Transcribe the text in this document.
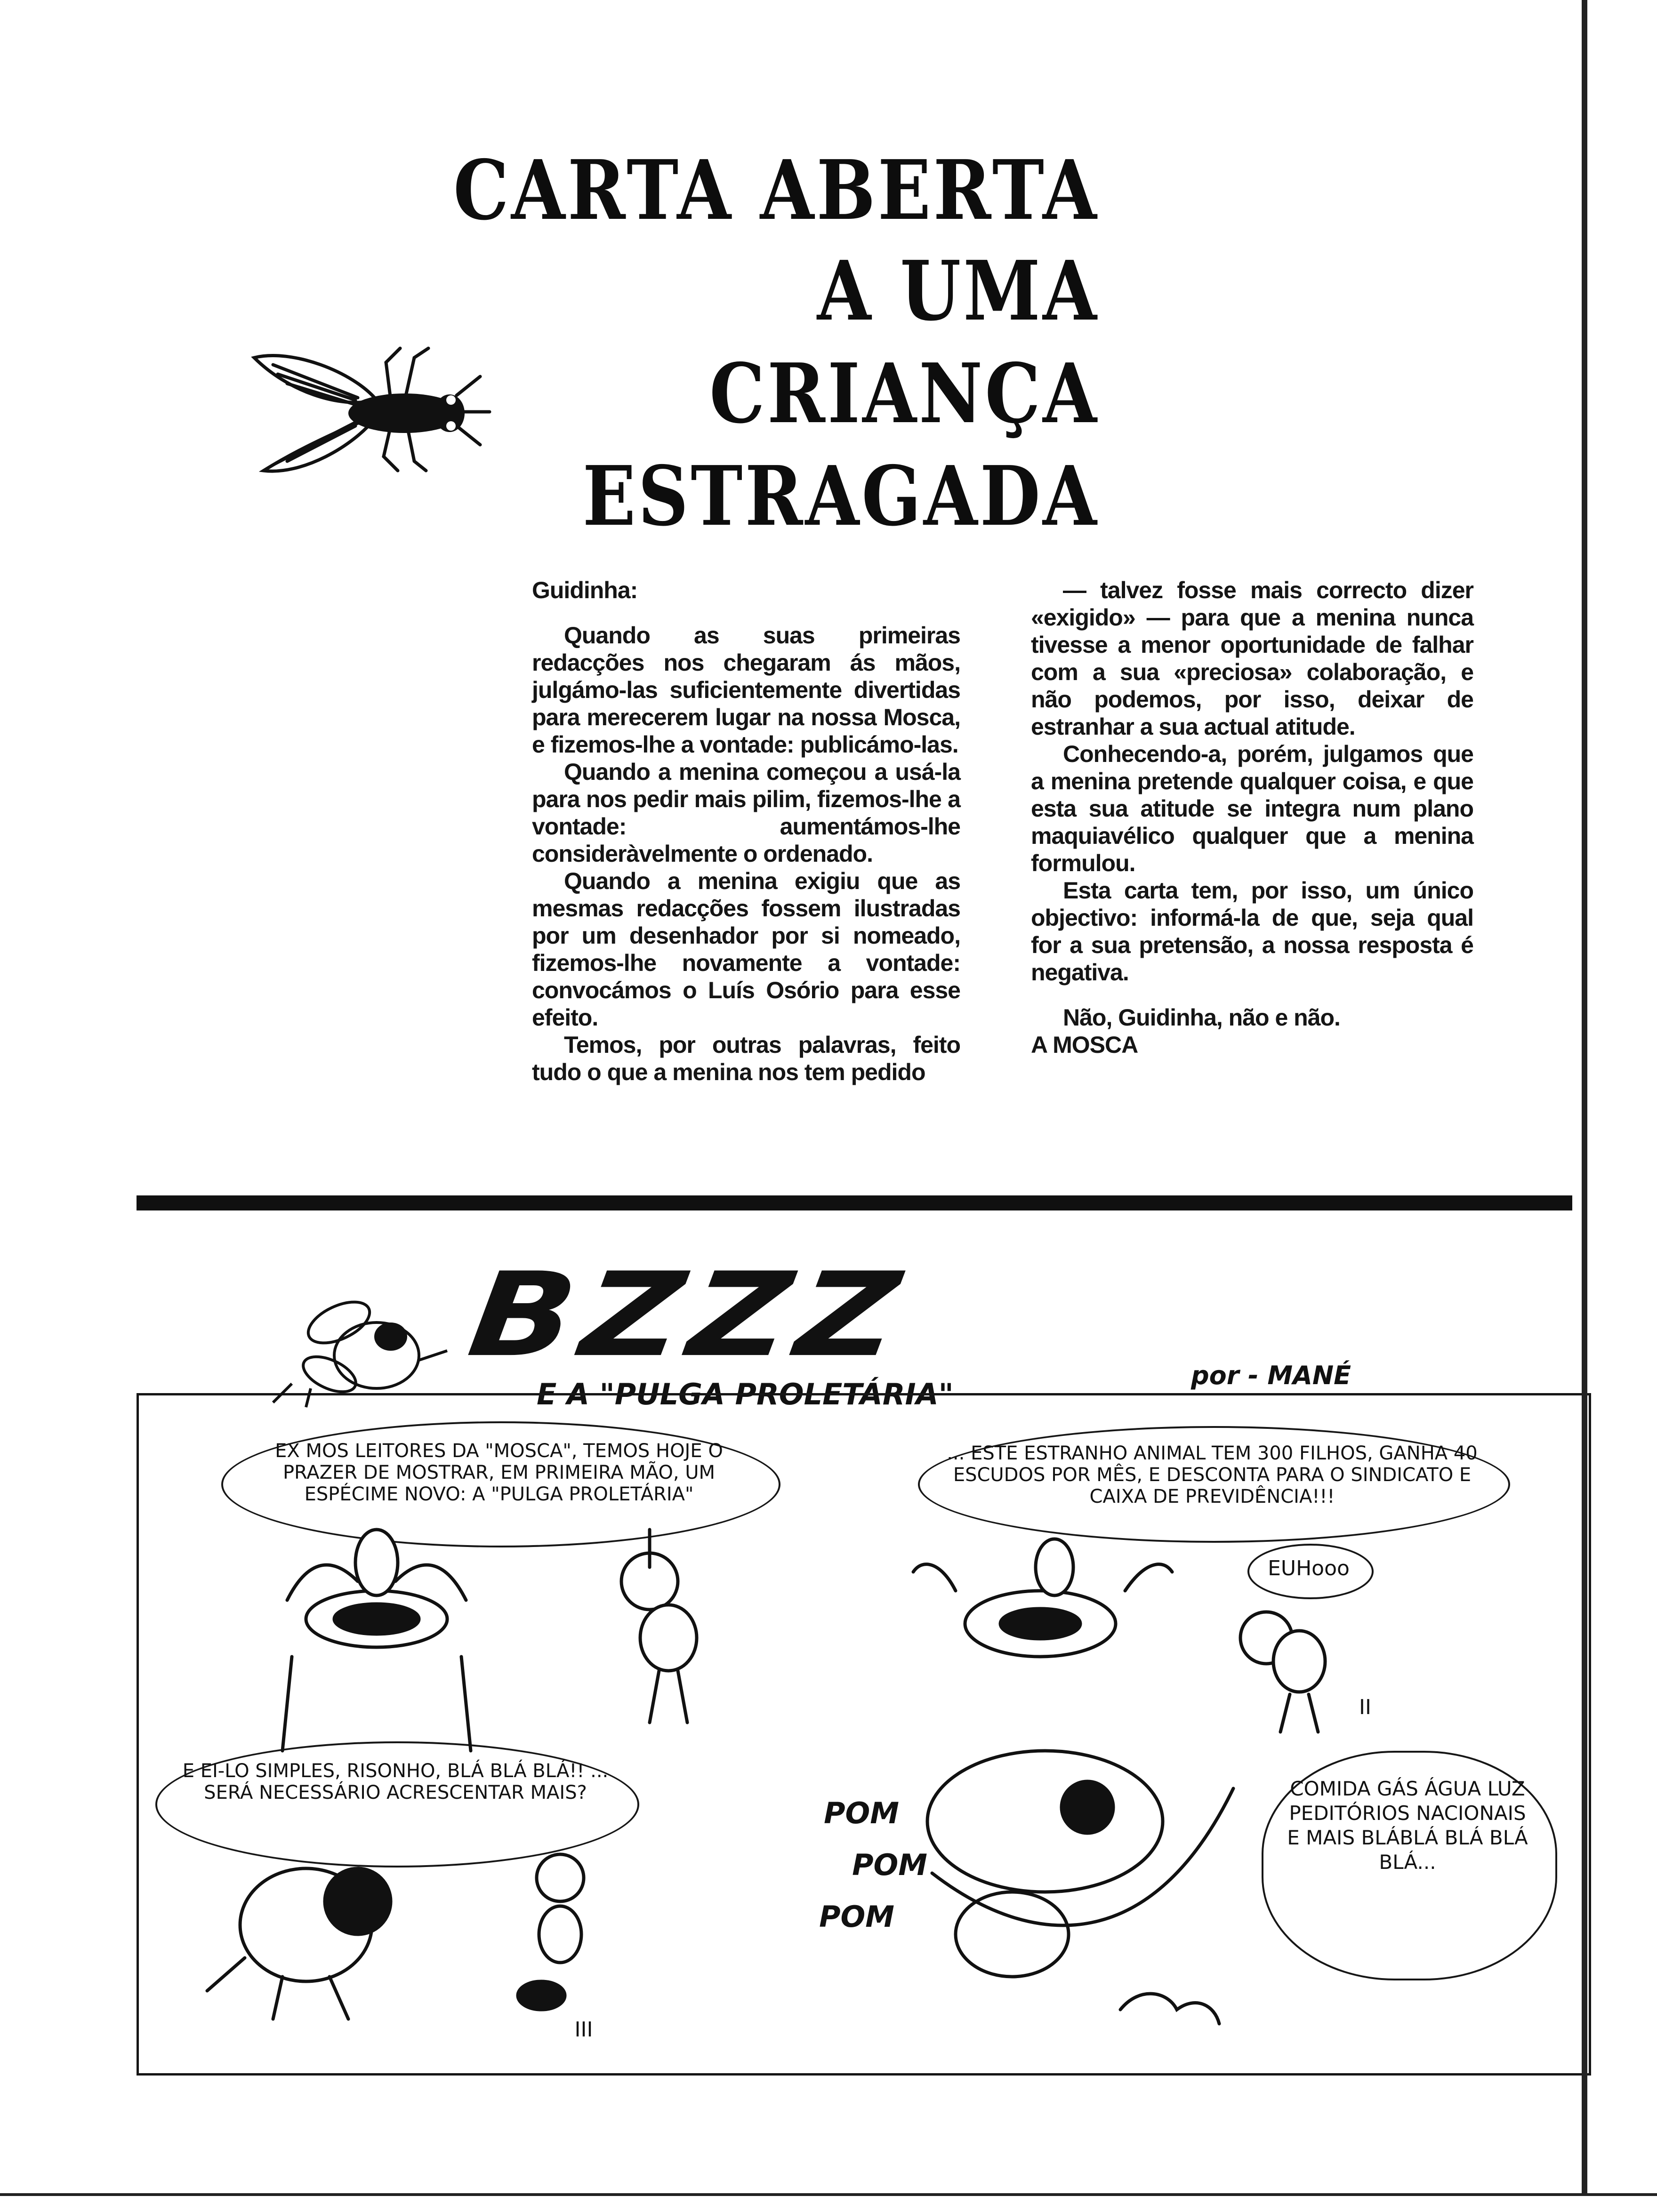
CARTA ABERTA
A UMA
CRIANÇA
ESTRAGADA

Guidinha:

Quando as suas primeiras redacções nos chegaram ás mãos, julgámo-las suficientemente divertidas para merecerem lugar na nossa Mosca, e fizemos-lhe a vontade: publicámo-las.

Quando a menina começou a usá-la para nos pedir mais pilim, fizemos-lhe a vontade: aumentámos-lhe consideràvelmente o ordenado.

Quando a menina exigiu que as mesmas redacções fossem ilustradas por um desenhador por si nomeado, fizemos-lhe novamente a vontade: convocámos o Luís Osório para esse efeito.

Temos, por outras palavras, feito tudo o que a menina nos tem pedido

— talvez fosse mais correcto dizer «exigido» — para que a menina nunca tivesse a menor oportunidade de falhar com a sua «preciosa» colaboração, e não podemos, por isso, deixar de estranhar a sua actual atitude.

Conhecendo-a, porém, julgamos que a menina pretende qualquer coisa, e que esta sua atitude se integra num plano maquiavélico qualquer que a menina formulou.

Esta carta tem, por isso, um único objectivo: informá-la de que, seja qual for a sua pretensão, a nossa resposta é negativa.

Não, Guidinha, não e não.

A MOSCA

BZZZ
E A "PULGA PROLETÁRIA"
por - MANÉ
EX MOS LEITORES DA "MOSCA", TEMOS HOJE O PRAZER DE MOSTRAR, EM PRIMEIRA MÃO, UM ESPÉCIME NOVO: A "PULGA PROLETÁRIA"
... ESTE ESTRANHO ANIMAL TEM 300 FILHOS, GANHA 40 ESCUDOS POR MÊS, E DESCONTA PARA O SINDICATO E CAIXA DE PREVIDÊNCIA!!!
EUHooo
E EI-LO SIMPLES, RISONHO, BLÁ BLÁ BLÁ!! ... SERÁ NECESSÁRIO ACRESCENTAR MAIS?	COMIDA GÁS ÁGUA LUZ PEDITÓRIOS NACIONAIS E MAIS BLÁBLÁ BLÁ BLÁ BLÁ...
POM
POM
POM
II
III
